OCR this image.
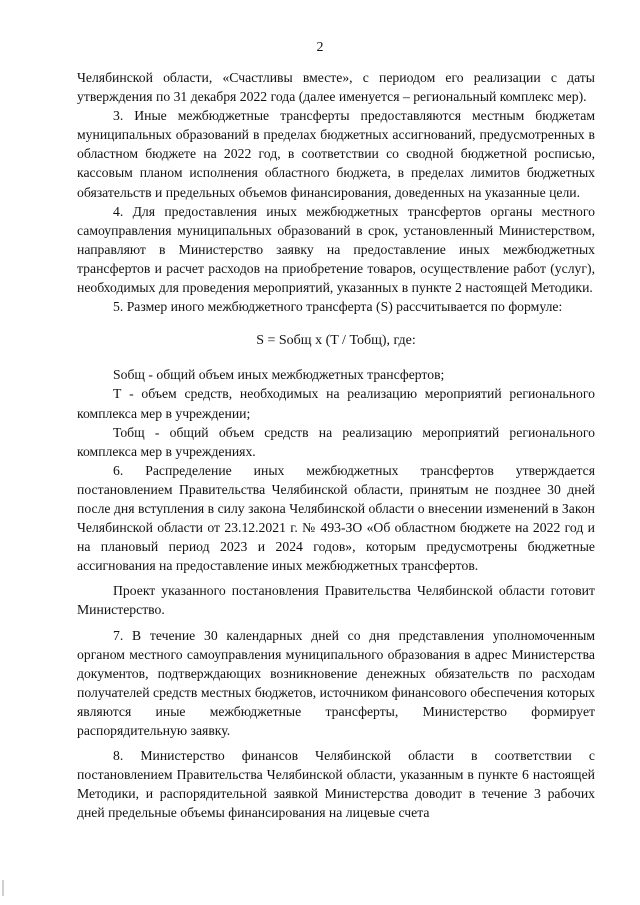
2

Челябинской области, «Счастливы вместе», с периодом его реализации с даты утверждения по 31 декабря 2022 года (далее именуется – региональный комплекс мер).

3. Иные межбюджетные трансферты предоставляются местным бюджетам муниципальных образований в пределах бюджетных ассигнований, предусмотренных в областном бюджете на 2022 год, в соответствии со сводной бюджетной росписью, кассовым планом исполнения областного бюджета, в пределах лимитов бюджетных обязательств и предельных объемов финансирования, доведенных на указанные цели.

4. Для предоставления иных межбюджетных трансфертов органы местного самоуправления муниципальных образований в срок, установленный Министерством, направляют в Министерство заявку на предоставление иных межбюджетных трансфертов и расчет расходов на приобретение товаров, осуществление работ (услуг), необходимых для проведения мероприятий, указанных в пункте 2 настоящей Методики.

5. Размер иного межбюджетного трансферта (S) рассчитывается по формуле:

S = Sобщ x (T / Тобщ), где:

Sобщ - общий объем иных межбюджетных трансфертов;

Т - объем средств, необходимых на реализацию мероприятий регионального комплекса мер в учреждении;

Тобщ - общий объем средств на реализацию мероприятий регионального комплекса мер в учреждениях.

6. Распределение иных межбюджетных трансфертов утверждается постановлением Правительства Челябинской области, принятым не позднее 30 дней после дня вступления в силу закона Челябинской области о внесении изменений в Закон Челябинской области от 23.12.2021 г. № 493-ЗО «Об областном бюджете на 2022 год и на плановый период 2023 и 2024 годов», которым предусмотрены бюджетные ассигнования на предоставление иных межбюджетных трансфертов.

Проект указанного постановления Правительства Челябинской области готовит Министерство.

7. В течение 30 календарных дней со дня представления уполномоченным органом местного самоуправления муниципального образования в адрес Министерства документов, подтверждающих возникновение денежных обязательств по расходам получателей средств местных бюджетов, источником финансового обеспечения которых являются иные межбюджетные трансферты, Министерство формирует распорядительную заявку.

8. Министерство финансов Челябинской области в соответствии с постановлением Правительства Челябинской области, указанным в пункте 6 настоящей Методики, и распорядительной заявкой Министерства доводит в течение 3 рабочих дней предельные объемы финансирования на лицевые счета
